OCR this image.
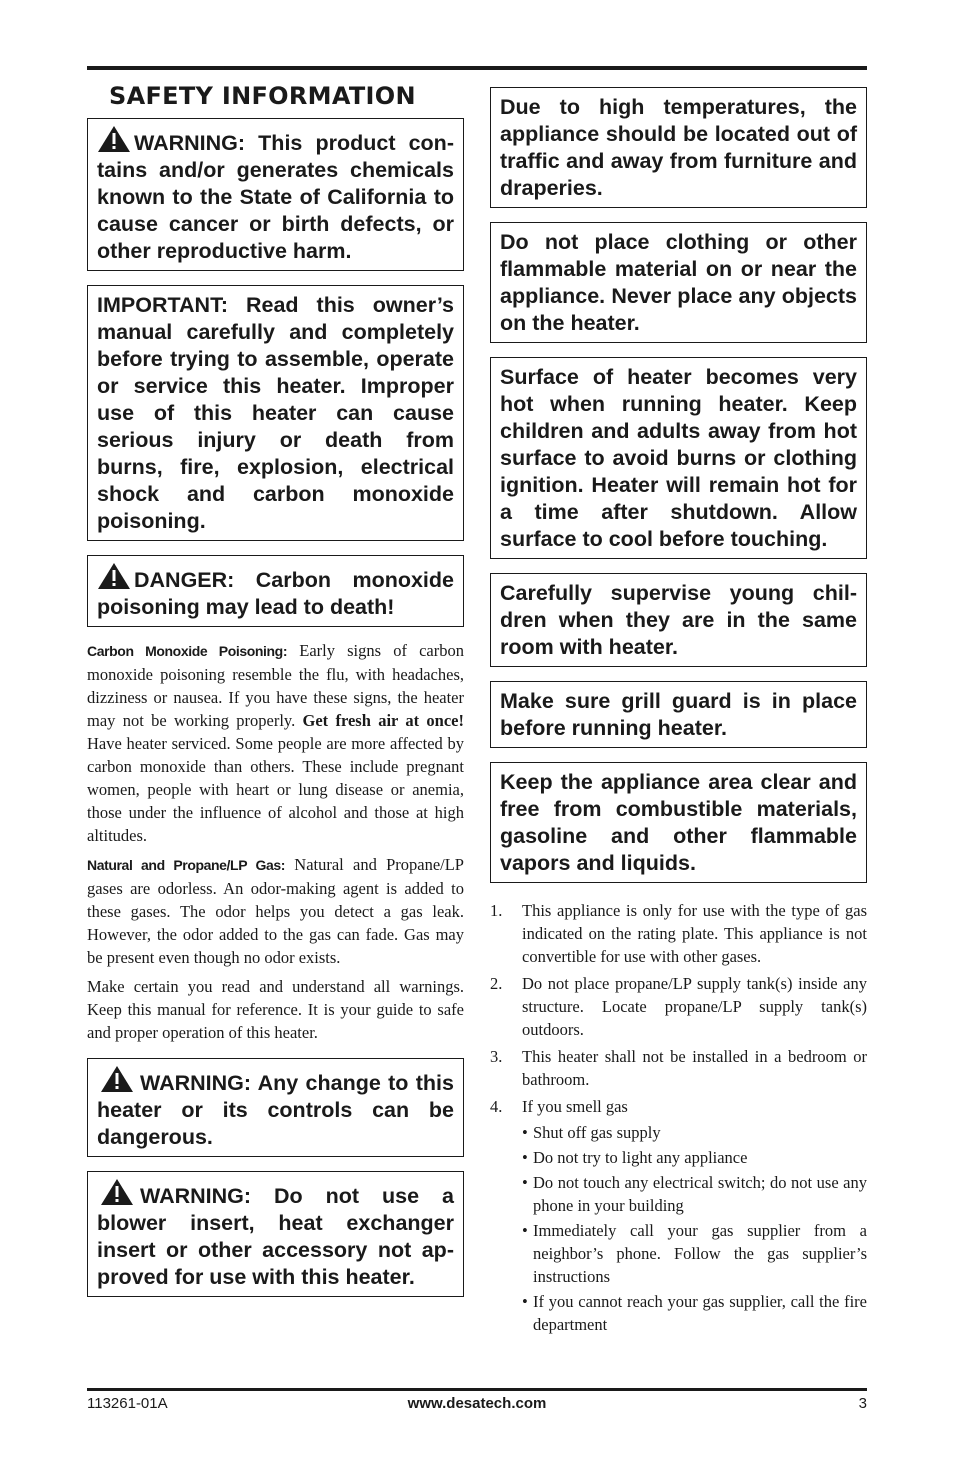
SAFETY INFORMATION
WARNING: This product contains and/or generates chemicals known to the State of California to cause cancer or birth defects, or other reproductive harm.
IMPORTANT: Read this owner’s manual carefully and completely before trying to assemble, operate or service this heater. Improper use of this heater can cause serious injury or death from burns, fire, explosion, electrical shock and carbon monoxide poisoning.
DANGER: Carbon monoxide poisoning may lead to death!

Carbon Monoxide Poisoning: Early signs of carbon monoxide poisoning resemble the flu, with headaches, dizziness or nausea. If you have these signs, the heater may not be working properly. Get fresh air at once! Have heater serviced. Some people are more affected by carbon monoxide than others. These include pregnant women, people with heart or lung disease or anemia, those under the influence of alcohol and those at high altitudes.

Natural and Propane/LP Gas: Natural and Propane/LP gases are odorless. An odor-making agent is added to these gases. The odor helps you detect a gas leak. However, the odor added to the gas can fade. Gas may be present even though no odor exists.

Make certain you read and understand all warnings. Keep this manual for reference. It is your guide to safe and proper operation of this heater.

WARNING: Any change to this heater or its controls can be dangerous.
WARNING: Do not use a blower insert, heat exchanger insert or other accessory not approved for use with this heater.
Due to high temperatures, the appliance should be located out of traffic and away from furniture and draperies.
Do not place clothing or other flammable material on or near the appliance. Never place any objects on the heater.
Surface of heater becomes very hot when running heater. Keep children and adults away from hot surface to avoid burns or clothing ignition. Heater will remain hot for a time after shutdown. Allow surface to cool before touching.
Carefully supervise young children when they are in the same room with heater.
Make sure grill guard is in place before running heater.
Keep the appliance area clear and free from combustible materials, gasoline and other flammable vapors and liquids.
1. This appliance is only for use with the type of gas indicated on the rating plate. This appliance is not convertible for use with other gases.
2. Do not place propane/LP supply tank(s) inside any structure. Locate propane/LP supply tank(s) outdoors.
3. This heater shall not be installed in a bedroom or bathroom.
4. If you smell gas
• Shut off gas supply
• Do not try to light any appliance
• Do not touch any electrical switch; do not use any phone in your building
• Immediately call your gas supplier from a neighbor’s phone. Follow the gas supplier’s instructions
• If you cannot reach your gas supplier, call the fire department
113261-01A	www.desatech.com	3
